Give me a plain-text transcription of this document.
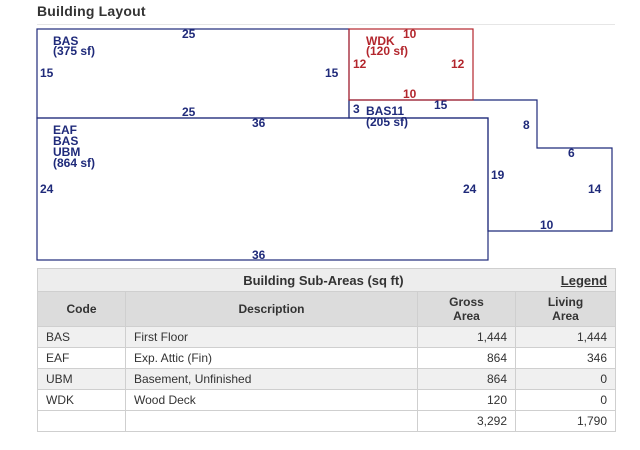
Building Layout
BAS
(375 sf)
WDK
(120 sf)
EAF
BAS
UBM
(864 sf)
BAS11
(205 sf)
25
15	15
25
10
12	12
10
36
24	24
36
3	15
8
6
14
10
19
Building Sub-Areas (sq ft) Legend			

Code	Description	Gross Area	Living Area
BAS	First Floor	1,444	1,444
EAF	Exp. Attic (Fin)	864	346
UBM	Basement, Unfinished	864	0
WDK	Wood Deck	120	0
		3,292	1,790
